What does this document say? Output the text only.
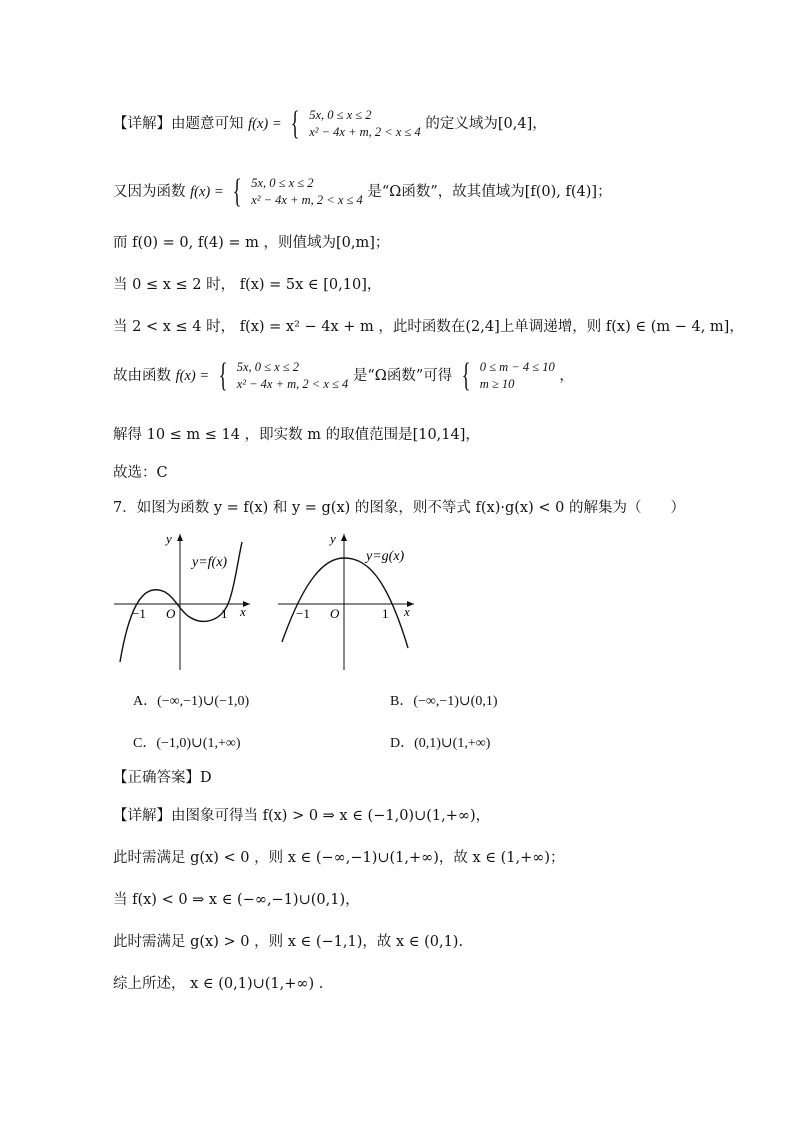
【详解】由题意可知 f(x) = { 5x, 0 ≤ x ≤ 2
x² − 4x + m, 2 < x ≤ 4 的定义域为[0,4]，
又因为函数 f(x) = { 5x, 0 ≤ x ≤ 2
x² − 4x + m, 2 < x ≤ 4 是“Ω函数”，故其值域为[f(0), f(4)]；
而 f(0) = 0, f(4) = m ，则值域为[0,m]；
当 0 ≤ x ≤ 2 时， f(x) = 5x ∈ [0,10]，
当 2 < x ≤ 4 时， f(x) = x² − 4x + m ，此时函数在(2,4]上单调递增，则 f(x) ∈ (m − 4, m]，
故由函数 f(x) = { 5x, 0 ≤ x ≤ 2
x² − 4x + m, 2 < x ≤ 4 是“Ω函数”可得 { 0 ≤ m − 4 ≤ 10
m ≥ 10	，
解得 10 ≤ m ≤ 14 ，即实数 m 的取值范围是[10,14]，
故选：C
7．如图为函数 y = f(x) 和 y = g(x) 的图象，则不等式 f(x)·g(x) < 0 的解集为（　　）
y
x
y=f(x)
−1 O	1
y
x
y=g(x)
−1 O	1
A．(−∞,−1)∪(−1,0)	B．(−∞,−1)∪(0,1)
C．(−1,0)∪(1,+∞)	D．(0,1)∪(1,+∞)
【正确答案】D
【详解】由图象可得当 f(x) > 0 ⇒ x ∈ (−1,0)∪(1,+∞)，
此时需满足 g(x) < 0 ，则 x ∈ (−∞,−1)∪(1,+∞)，故 x ∈ (1,+∞)；
当 f(x) < 0 ⇒ x ∈ (−∞,−1)∪(0,1)，
此时需满足 g(x) > 0 ，则 x ∈ (−1,1)，故 x ∈ (0,1).
综上所述， x ∈ (0,1)∪(1,+∞) .
